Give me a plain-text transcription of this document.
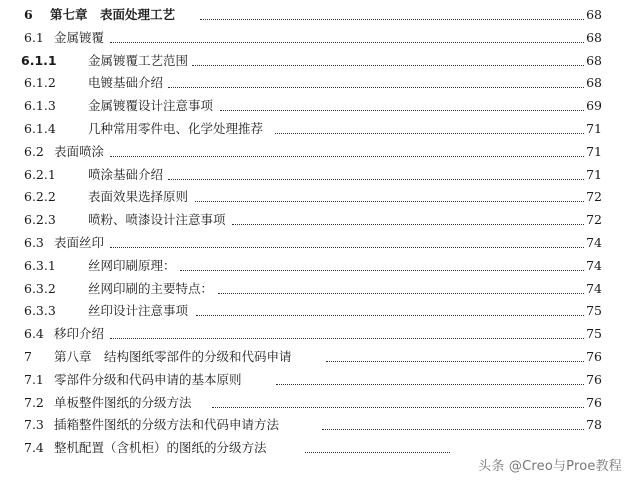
6 第七章　表面处理工艺	68
6.1 金属镀覆	68
6.1.1	金属镀覆工艺范围	68
6.1.2	电镀基础介绍	68
6.1.3	金属镀覆设计注意事项	69
6.1.4	几种常用零件电、化学处理推荐	71
6.2 表面喷涂	71
6.2.1	喷涂基础介绍	71
6.2.2	表面效果选择原则	72
6.2.3	喷粉、喷漆设计注意事项	72
6.3 表面丝印	74
6.3.1	丝网印刷原理：	74
6.3.2	丝网印刷的主要特点：	74
6.3.3	丝印设计注意事项	75
6.4 移印介绍	75
7 第八章　结构图纸零部件的分级和代码申请	76
7.1 零部件分级和代码申请的基本原则	76
7.2 单板整件图纸的分级方法	76
7.3 插箱整件图纸的分级方法和代码申请方法	78
7.4 整机配置（含机柜）的图纸的分级方法
头条 @Creo与Proe教程
